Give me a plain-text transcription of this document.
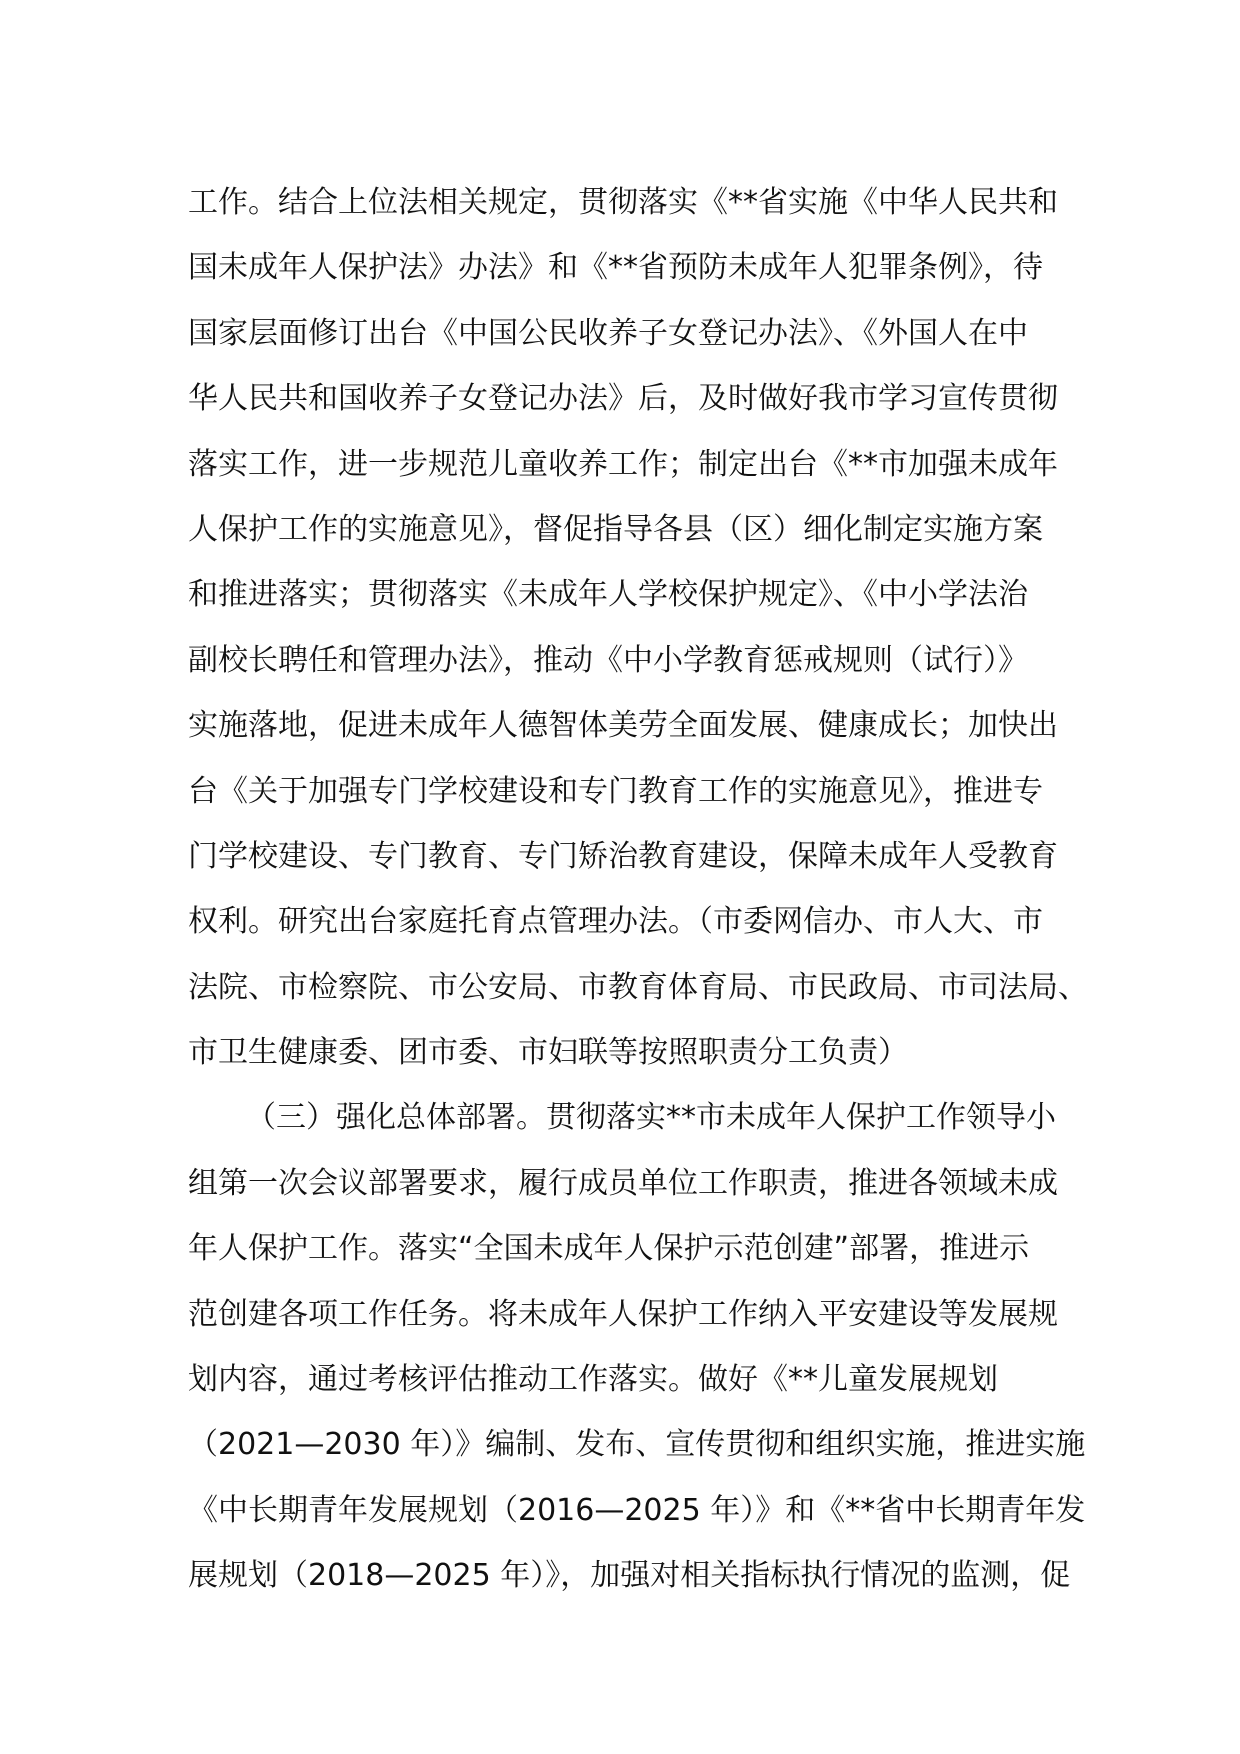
工作。结合上位法相关规定，贯彻落实《**省实施《中华人民共和
国未成年人保护法》办法》和《**省预防未成年人犯罪条例》，待
国家层面修订出台《中国公民收养子女登记办法》、《外国人在中
华人民共和国收养子女登记办法》后，及时做好我市学习宣传贯彻
落实工作，进一步规范儿童收养工作；制定出台《**市加强未成年
人保护工作的实施意见》，督促指导各县（区）细化制定实施方案
和推进落实；贯彻落实《未成年人学校保护规定》、《中小学法治
副校长聘任和管理办法》，推动《中小学教育惩戒规则（试行）》
实施落地，促进未成年人德智体美劳全面发展、健康成长；加快出
台《关于加强专门学校建设和专门教育工作的实施意见》，推进专
门学校建设、专门教育、专门矫治教育建设，保障未成年人受教育
权利。研究出台家庭托育点管理办法。（市委网信办、市人大、市
法院、市检察院、市公安局、市教育体育局、市民政局、市司法局、
市卫生健康委、团市委、市妇联等按照职责分工负责）
（三）强化总体部署。贯彻落实**市未成年人保护工作领导小
组第一次会议部署要求，履行成员单位工作职责，推进各领域未成
年人保护工作。落实“全国未成年人保护示范创建”部署，推进示
范创建各项工作任务。将未成年人保护工作纳入平安建设等发展规
划内容，通过考核评估推动工作落实。做好《**儿童发展规划
（2021—2030 年）》编制、发布、宣传贯彻和组织实施，推进实施
《中长期青年发展规划（2016—2025 年）》和《**省中长期青年发
展规划（2018—2025 年）》，加强对相关指标执行情况的监测，促
